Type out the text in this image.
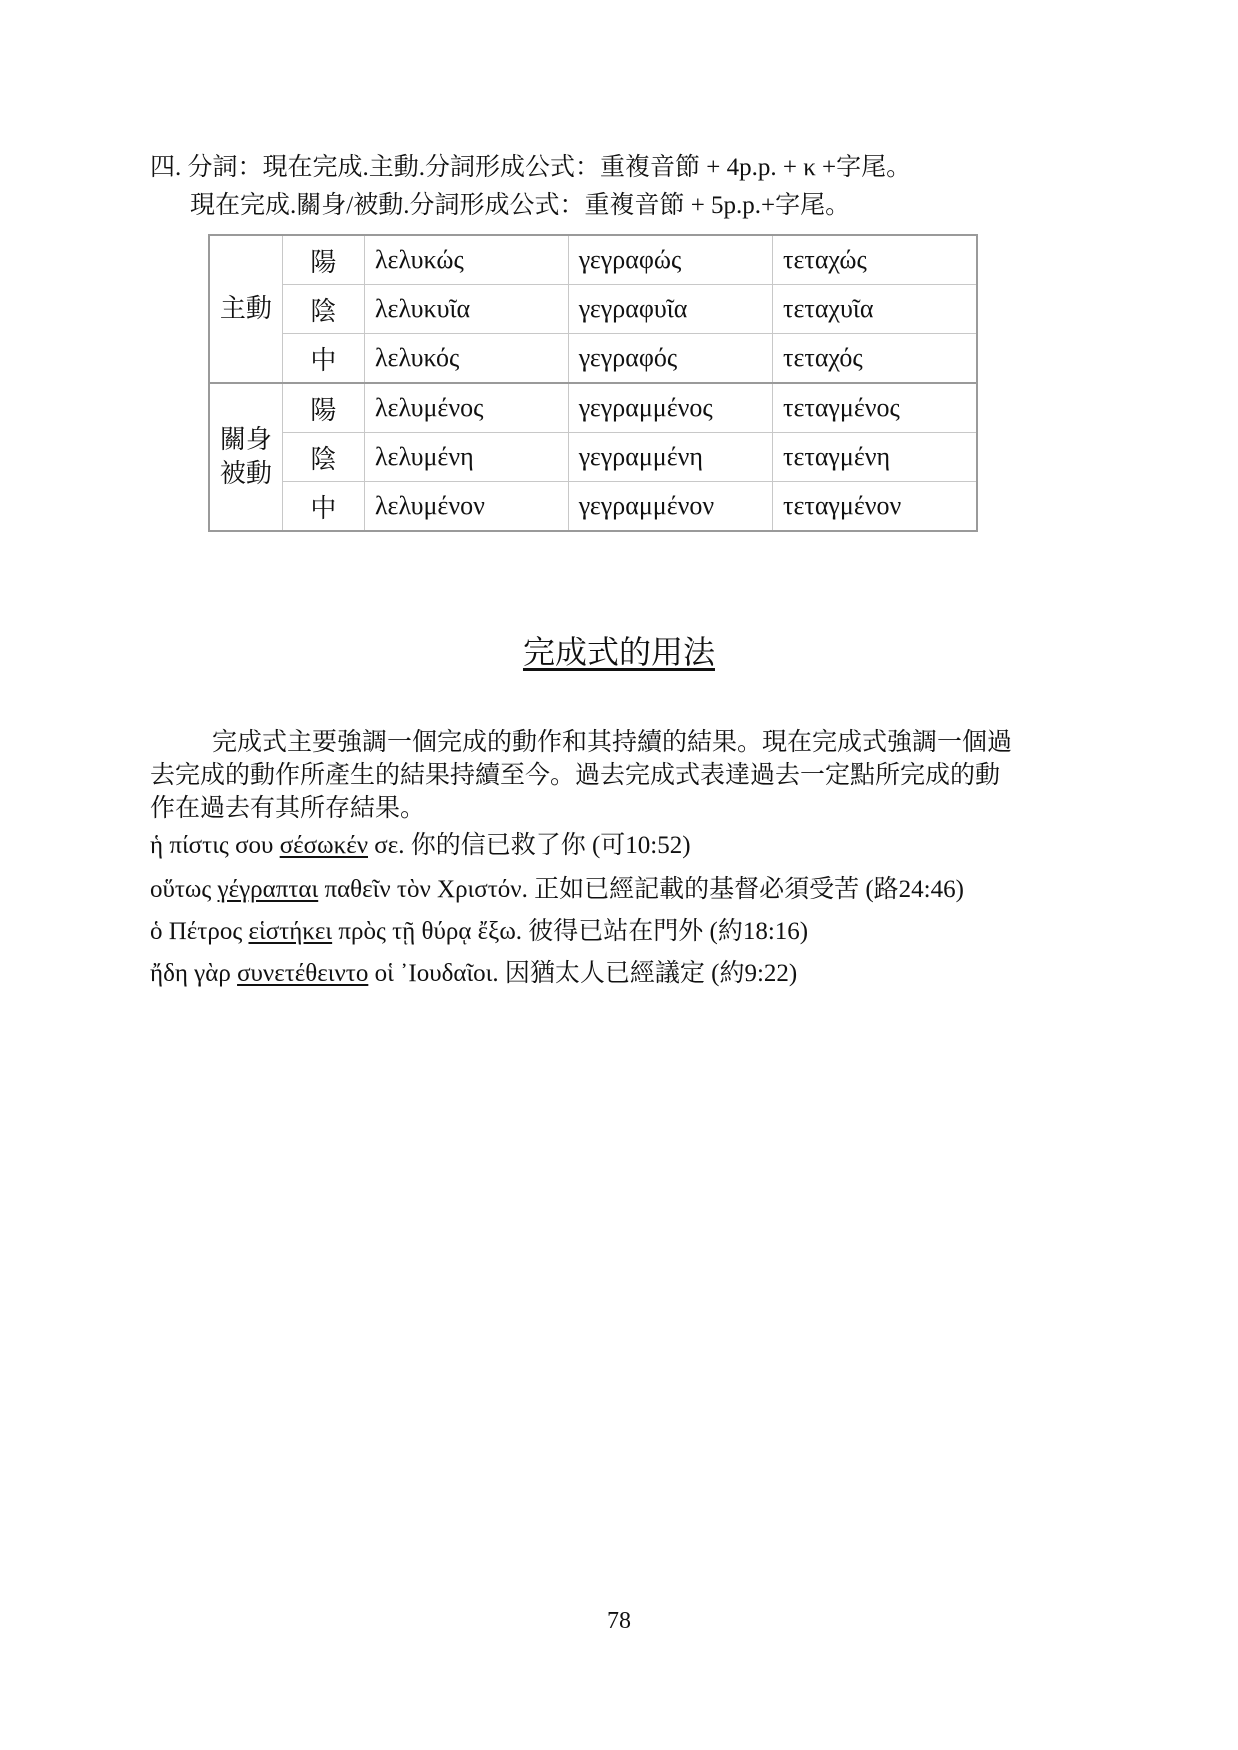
四. 分詞：現在完成.主動.分詞形成公式：重複音節 + 4p.p. + κ +字尾。
現在完成.關身/被動.分詞形成公式：重複音節 + 5p.p.+字尾。
主動	陽	λελυκώς	γεγραφώς	τεταχώς
	陰	λελυκυῖα	γεγραφυῖα	τεταχυῖα
	中	λελυκός	γεγραφός	τεταχός
關身
被動	陽	λελυμένος	γεγραμμένος	τεταγμένος
	陰	λελυμένη	γεγραμμένη	τεταγμένη
	中	λελυμένον	γεγραμμένον	τεταγμένον
完成式的用法
完成式主要強調一個完成的動作和其持續的結果。現在完成式強調一個過
去完成的動作所產生的結果持續至今。過去完成式表達過去一定點所完成的動
作在過去有其所存結果。
ἡ πίστις σου σέσωκέν σε. 你的信已救了你 (可10:52)
οὕτως γέγραπται παθεῖν τὸν Χριστόν. 正如已經記載的基督必須受苦 (路24:46)
ὁ Πέτρος εἱστήκει πρὸς τῇ θύρᾳ ἔξω. 彼得已站在門外 (約18:16)
ἤδη γὰρ συνετέθειντο οἱ ᾽Ιουδαῖοι. 因猶太人已經議定 (約9:22)
78
